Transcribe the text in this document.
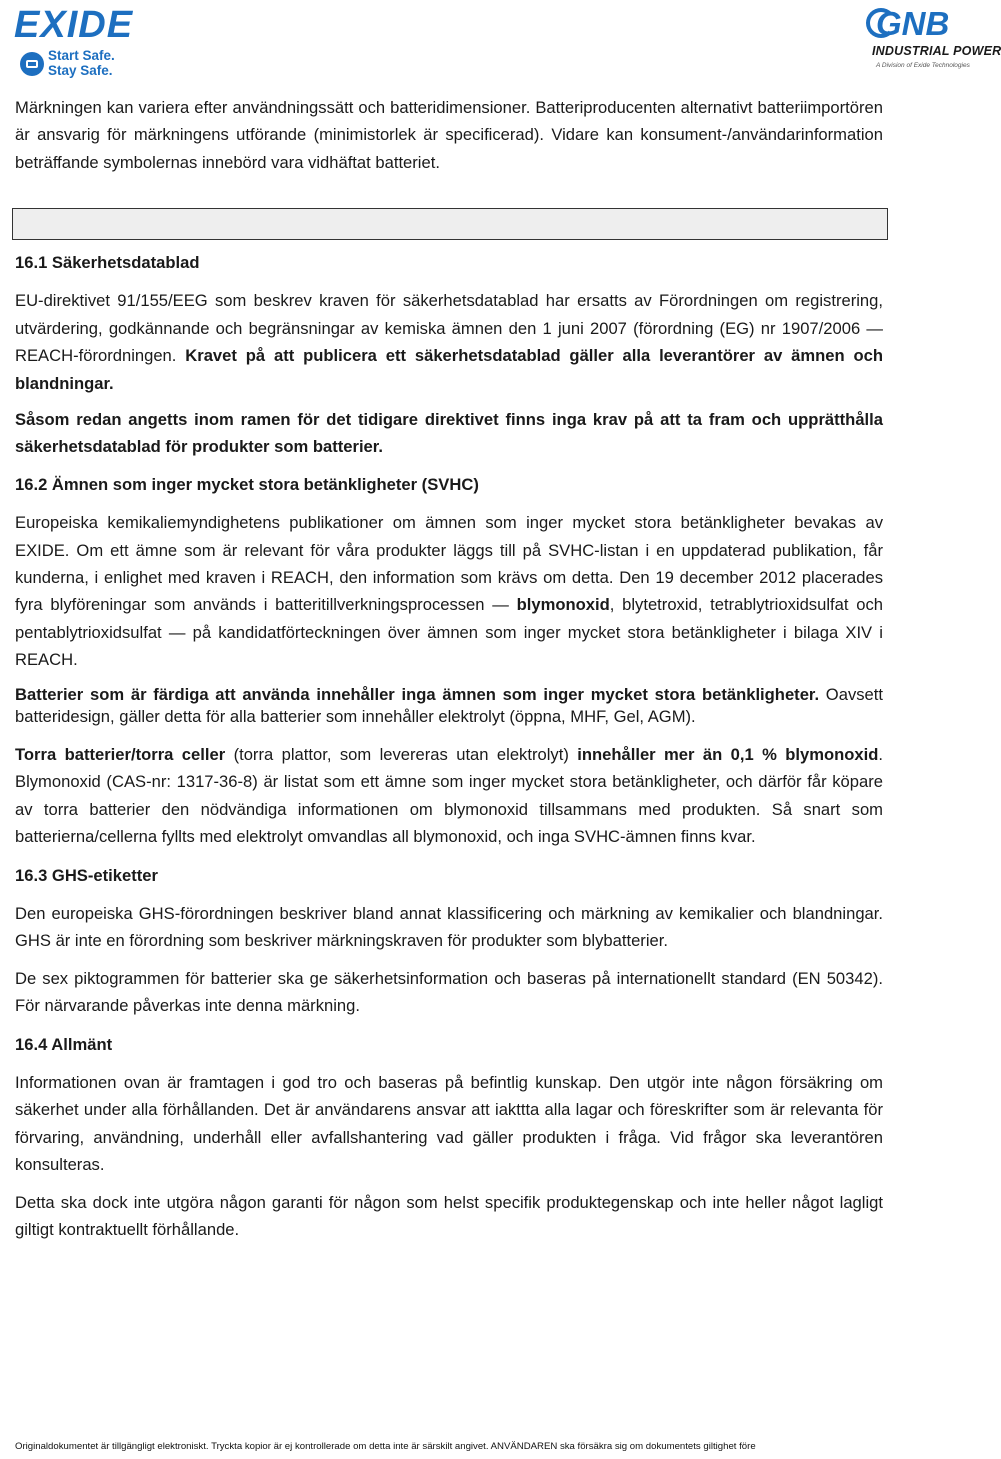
EXIDE
Start Safe.
Stay Safe.
GNB
INDUSTRIAL POWER
A Division of Exide Technologies

Märkningen kan variera efter användningssätt och batteridimensioner. Batteriproducenten alternativt batteriimportören är ansvarig för märkningens utförande (minimistorlek är specificerad). Vidare kan konsument-/användarinformation beträffande symbolernas innebörd vara vidhäftat batteriet.

16.1 Säkerhetsdatablad

EU-direktivet 91/155/EEG som beskrev kraven för säkerhetsdatablad har ersatts av Förordningen om registrering, utvärdering, godkännande och begränsningar av kemiska ämnen den 1 juni 2007 (förordning (EG) nr 1907/2006 — REACH-förordningen. Kravet på att publicera ett säkerhetsdatablad gäller alla leverantörer av ämnen och blandningar.

Såsom redan angetts inom ramen för det tidigare direktivet finns inga krav på att ta fram och upprätthålla säkerhetsdatablad för produkter som batterier.

16.2 Ämnen som inger mycket stora betänkligheter (SVHC)

Europeiska kemikaliemyndighetens publikationer om ämnen som inger mycket stora betänkligheter bevakas av EXIDE. Om ett ämne som är relevant för våra produkter läggs till på SVHC-listan i en uppdaterad publikation, får kunderna, i enlighet med kraven i REACH, den information som krävs om detta. Den 19 december 2012 placerades fyra blyföreningar som används i batteritillverkningsprocessen — blymonoxid, blytetroxid, tetrablytrioxidsulfat och pentablytrioxidsulfat — på kandidatförteckningen över ämnen som inger mycket stora betänkligheter i bilaga XIV i REACH.

Batterier som är färdiga att använda innehåller inga ämnen som inger mycket stora betänkligheter. Oavsett batteridesign, gäller detta för alla batterier som innehåller elektrolyt (öppna, MHF, Gel, AGM).

Torra batterier/torra celler (torra plattor, som levereras utan elektrolyt) innehåller mer än 0,1 % blymonoxid. Blymonoxid (CAS-nr: 1317-36-8) är listat som ett ämne som inger mycket stora betänkligheter, och därför får köpare av torra batterier den nödvändiga informationen om blymonoxid tillsammans med produkten. Så snart som batterierna/cellerna fyllts med elektrolyt omvandlas all blymonoxid, och inga SVHC-ämnen finns kvar.

16.3 GHS-etiketter

Den europeiska GHS-förordningen beskriver bland annat klassificering och märkning av kemikalier och blandningar. GHS är inte en förordning som beskriver märkningskraven för produkter som blybatterier.

De sex piktogrammen för batterier ska ge säkerhetsinformation och baseras på internationellt standard (EN 50342). För närvarande påverkas inte denna märkning.

16.4 Allmänt

Informationen ovan är framtagen i god tro och baseras på befintlig kunskap. Den utgör inte någon försäkring om säkerhet under alla förhållanden. Det är användarens ansvar att iakttta alla lagar och föreskrifter som är relevanta för förvaring, användning, underhåll eller avfallshantering vad gäller produkten i fråga. Vid frågor ska leverantören konsulteras.

Detta ska dock inte utgöra någon garanti för någon som helst specifik produktegenskap och inte heller något lagligt giltigt kontraktuellt förhållande.

Originaldokumentet är tillgängligt elektroniskt. Tryckta kopior är ej kontrollerade om detta inte är särskilt angivet. ANVÄNDAREN ska försäkra sig om dokumentets giltighet före
